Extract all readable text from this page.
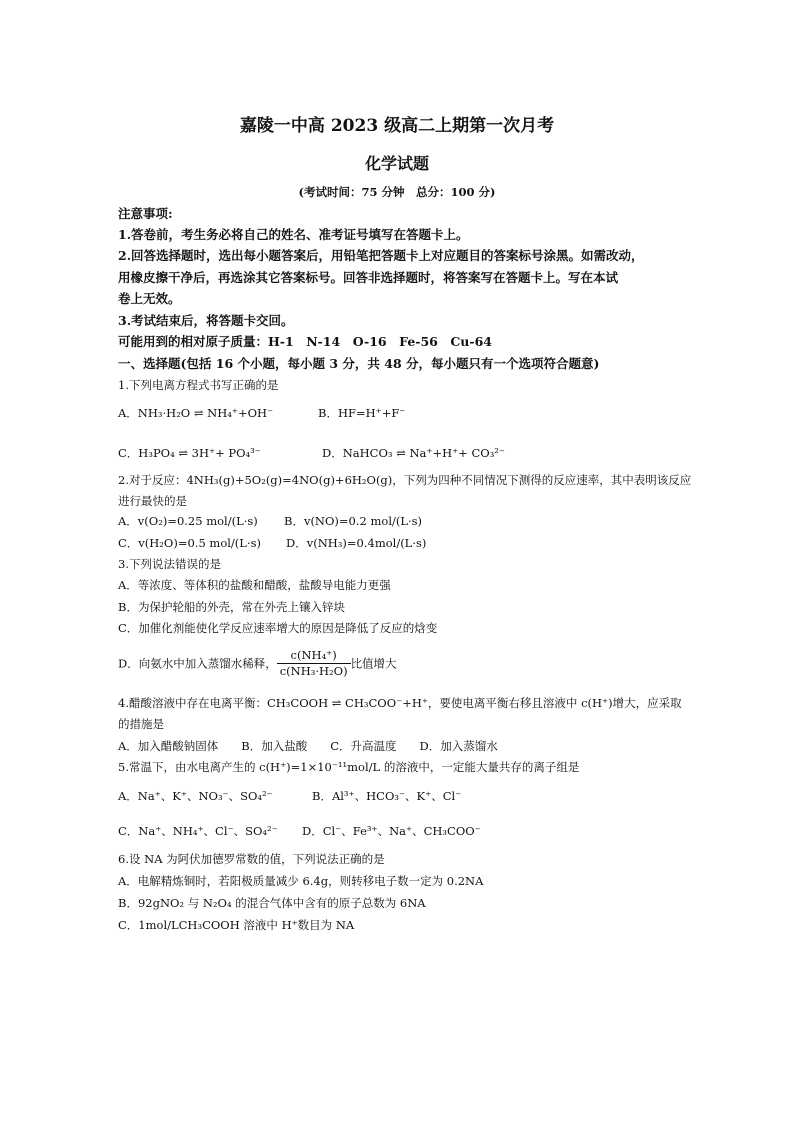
嘉陵一中高 2023 级高二上期第一次月考
化学试题
(考试时间：75 分钟　总分：100 分)
注意事项:
1.答卷前，考生务必将自己的姓名、准考证号填写在答题卡上。
2.回答选择题时，选出每小题答案后，用铅笔把答题卡上对应题目的答案标号涂黑。如需改动，
用橡皮擦干净后，再选涂其它答案标号。回答非选择题时，将答案写在答题卡上。写在本试
卷上无效。
3.考试结束后，将答题卡交回。
可能用到的相对原子质量：H-1　N-14　O-16　Fe-56　Cu-64
一、选择题(包括 16 个小题，每小题 3 分，共 48 分，每小题只有一个选项符合题意)
1.下列电离方程式书写正确的是
A．NH₃·H₂O ⇌ NH₄⁺+OH⁻	B．HF=H⁺+F⁻
C．H₃PO₄ ⇌ 3H⁺+ PO₄³⁻	D．NaHCO₃ ⇌ Na⁺+H⁺+ CO₃²⁻
2.对于反应：4NH₃(g)+5O₂(g)=4NO(g)+6H₂O(g)，下列为四种不同情况下测得的反应速率，其中表明该反应
进行最快的是
A．v(O₂)=0.25 mol/(L·s) B．v(NO)=0.2 mol/(L·s)
C．v(H₂O)=0.5 mol/(L·s) D．v(NH₃)=0.4mol/(L·s)
3.下列说法错误的是
A．等浓度、等体积的盐酸和醋酸，盐酸导电能力更强
B．为保护轮船的外壳，常在外壳上镶入锌块
C．加催化剂能使化学反应速率增大的原因是降低了反应的焓变
D．向氨水中加入蒸馏水稀释， $\frac{\text{c(NH₄⁺)}}{\text{c(NH₃·H₂O)}}$ 比值增大
4.醋酸溶液中存在电离平衡：CH₃COOH ⇌ CH₃COO⁻+H⁺，要使电离平衡右移且溶液中 c(H⁺)增大，应采取
的措施是
A．加入醋酸钠固体　　B．加入盐酸　　C．升高温度　　D．加入蒸馏水
5.常温下，由水电离产生的 c(H⁺)=1×10⁻¹¹mol/L 的溶液中，一定能大量共存的离子组是
A．Na⁺、K⁺、NO₃⁻、SO₄²⁻	B．Al³⁺、HCO₃⁻、K⁺、Cl⁻
C．Na⁺、NH₄⁺、Cl⁻、SO₄²⁻ D．Cl⁻、Fe³⁺、Na⁺、CH₃COO⁻
6.设 NA 为阿伏加德罗常数的值，下列说法正确的是
A．电解精炼铜时，若阳极质量减少 6.4g，则转移电子数一定为 0.2NA
B．92gNO₂ 与 N₂O₄ 的混合气体中含有的原子总数为 6NA
C．1mol/LCH₃COOH 溶液中 H⁺数目为 NA
